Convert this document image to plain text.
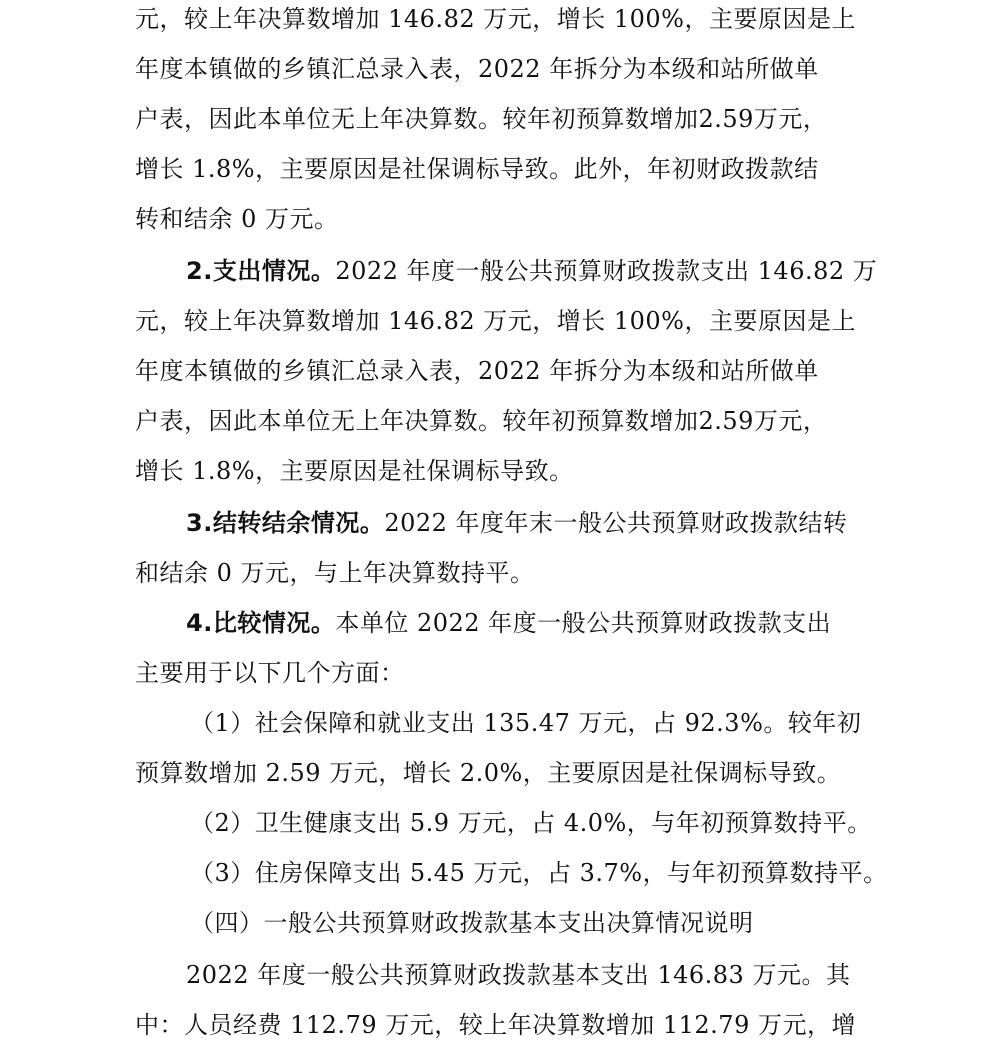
元，较上年决算数增加 146.82 万元，增长 100%，主要原因是上
年度本镇做的乡镇汇总录入表，2022 年拆分为本级和站所做单
户表，因此本单位无上年决算数。较年初预算数增加2.59万元，
增长 1.8%，主要原因是社保调标导致。此外，年初财政拨款结
转和结余 0 万元。
2.支出情况。2022 年度一般公共预算财政拨款支出 146.82 万
元，较上年决算数增加 146.82 万元，增长 100%，主要原因是上
年度本镇做的乡镇汇总录入表，2022 年拆分为本级和站所做单
户表，因此本单位无上年决算数。较年初预算数增加2.59万元，
增长 1.8%，主要原因是社保调标导致。
3.结转结余情况。2022 年度年末一般公共预算财政拨款结转
和结余 0 万元，与上年决算数持平。
4.比较情况。本单位 2022 年度一般公共预算财政拨款支出
主要用于以下几个方面：
（1）社会保障和就业支出 135.47 万元，占 92.3%。较年初
预算数增加 2.59 万元，增长 2.0%，主要原因是社保调标导致。
（2）卫生健康支出 5.9 万元，占 4.0%，与年初预算数持平。
（3）住房保障支出 5.45 万元，占 3.7%，与年初预算数持平。
（四）一般公共预算财政拨款基本支出决算情况说明
2022 年度一般公共预算财政拨款基本支出 146.83 万元。其
中：人员经费 112.79 万元，较上年决算数增加 112.79 万元，增
